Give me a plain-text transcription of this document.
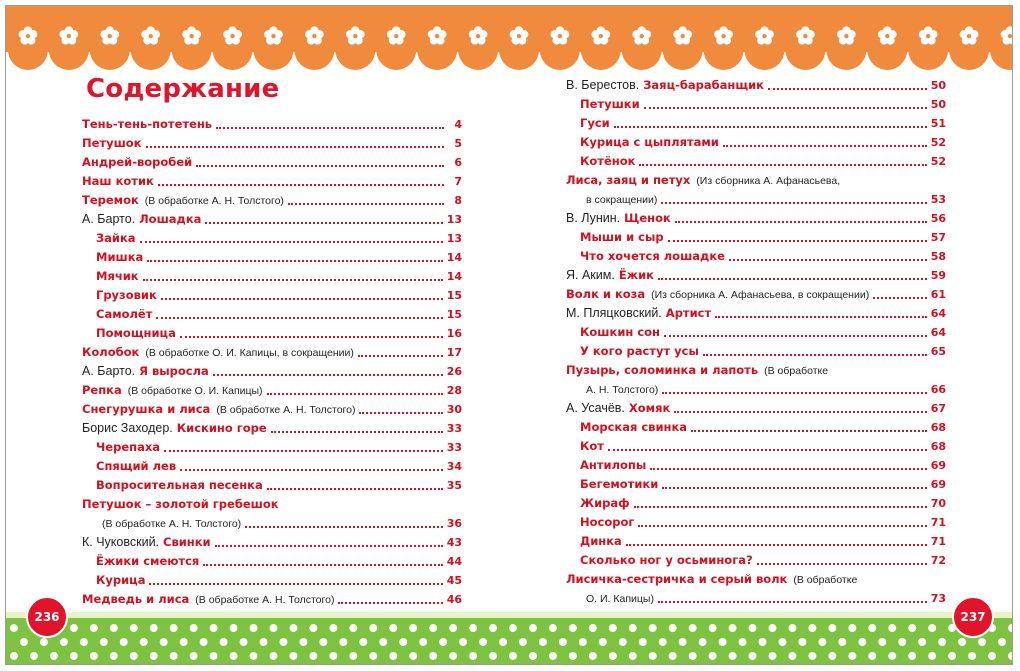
Содержание
Тень-тень-потетень	4
Петушок	5
Андрей-воробей	6
Наш котик	7
Теремок (В обработке А. Н. Толстого)	8
А. Барто. Лошадка	13
Зайка	13
Мишка	14
Мячик	14
Грузовик	15
Самолёт	15
Помощница	16
Колобок (В обработке О. И. Капицы, в сокращении)	17
А. Барто. Я выросла	26
Репка (В обработке О. И. Капицы)	28
Снегурушка и лиса (В обработке А. Н. Толстого)	30
Борис Заходер. Кискино горе	33
Черепаха	33
Спящий лев	34
Вопросительная песенка	35
Петушок – золотой гребешок
(В обработке А. Н. Толстого)	36
К. Чуковский. Свинки	43
Ёжики смеются	44
Курица	45
Медведь и лиса (В обработке А. Н. Толстого)	46
В. Берестов. Заяц-барабанщик	50
Петушки	50
Гуси	51
Курица с цыплятами	52
Котёнок	52
Лиса, заяц и петух (Из сборника А. Афанасьева,
в сокращении)	53
В. Лунин. Щенок	56
Мыши и сыр	57
Что хочется лошадке	58
Я. Аким. Ёжик	59
Волк и коза (Из сборника А. Афанасьева, в сокращении)	61
М. Пляцковский. Артист	64
Кошкин сон	64
У кого растут усы	65
Пузырь, соломинка и лапоть (В обработке
А. Н. Толстого)	66
А. Усачёв. Хомяк	67
Морская свинка	68
Кот	68
Антилопы	69
Бегемотики	69
Жираф	70
Носорог	71
Динка	71
Сколько ног у осьминога?	72
Лисичка-сестричка и серый волк (В обработке
О. И. Капицы)	73
236	237
